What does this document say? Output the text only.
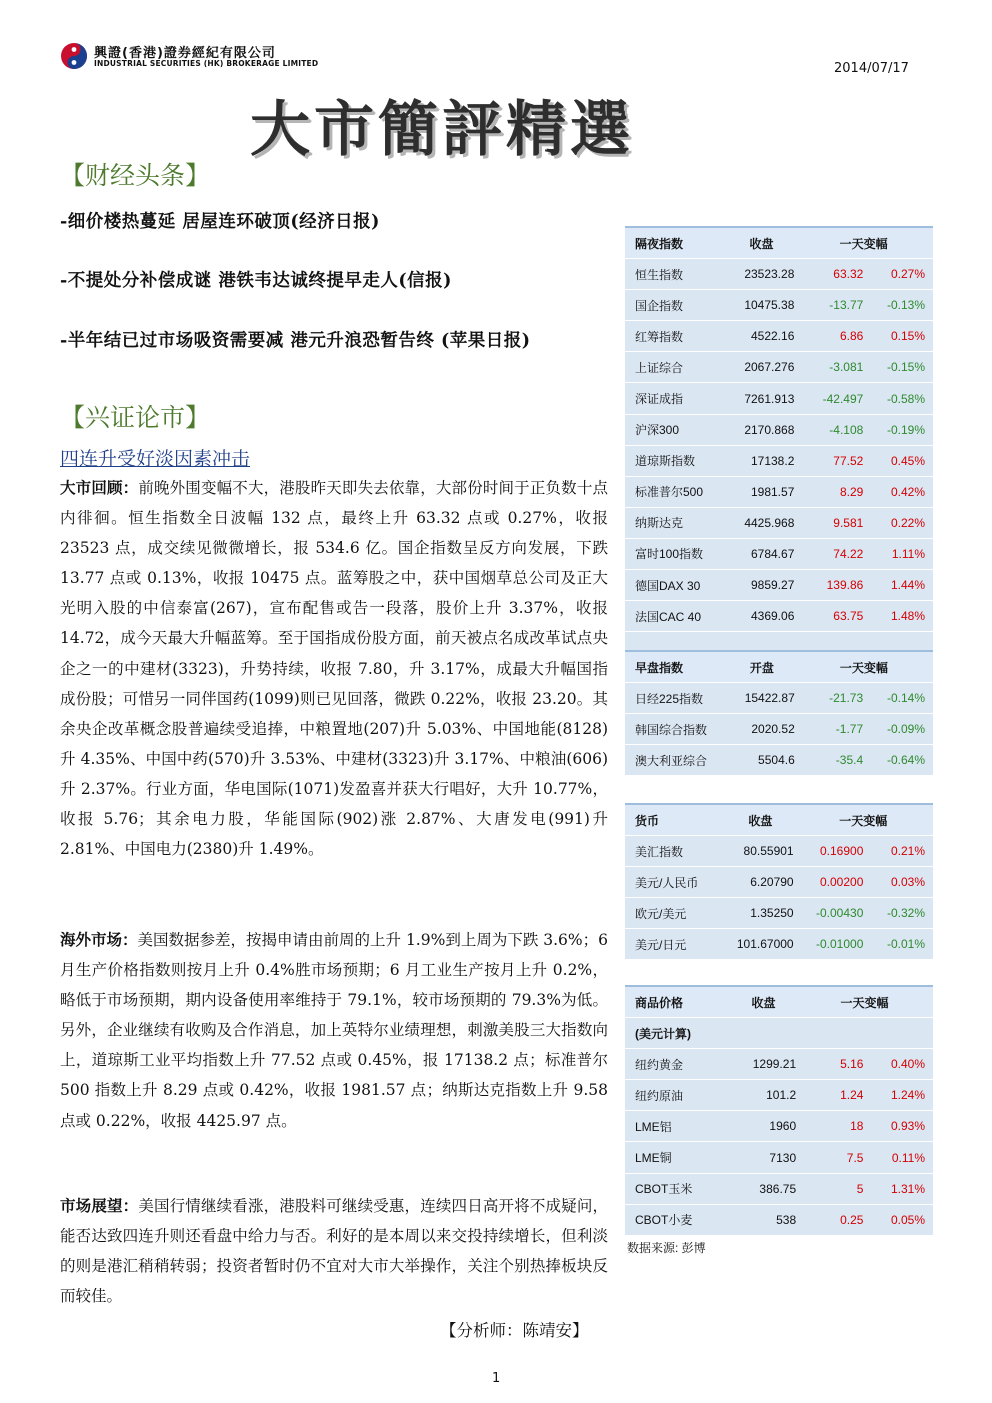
興證(香港)證券經紀有限公司
INDUSTRIAL SECURITIES (HK) BROKERAGE LIMITED	2014/07/17
大市簡評精選
【财经头条】
-细价楼热蔓延 居屋连环破顶(经济日报)
-不提处分补偿成谜 港铁韦达诚终提早走人(信报)
-半年结已过市场吸资需要减 港元升浪恐暂告终 (苹果日报)
【兴证论市】
四连升受好淡因素冲击
大市回顾：前晚外围变幅不大，港股昨天即失去依靠，大部份时间于正负数十点内徘徊。恒生指数全日波幅 132 点，最终上升 63.32 点或 0.27%，收报 23523 点，成交续见微微增长，报 534.6 亿。国企指数呈反方向发展，下跌 13.77 点或 0.13%，收报 10475 点。蓝筹股之中，获中国烟草总公司及正大光明入股的中信泰富(267)，宣布配售或告一段落，股价上升 3.37%，收报 14.72，成今天最大升幅蓝筹。至于国指成份股方面，前天被点名成改革试点央企之一的中建材(3323)，升势持续，收报 7.80，升 3.17%，成最大升幅国指成份股；可惜另一同伴国药(1099)则已见回落，微跌 0.22%，收报 23.20。其余央企改革概念股普遍续受追捧，中粮置地(207)升 5.03%、中国地能(8128)升 4.35%、中国中药(570)升 3.53%、中建材(3323)升 3.17%、中粮油(606)升 2.37%。行业方面，华电国际(1071)发盈喜并获大行唱好，大升 10.77%，收报 5.76；其余电力股，华能国际(902)涨 2.87%、大唐发电(991)升 2.81%、中国电力(2380)升 1.49%。
海外市场：美国数据参差，按揭申请由前周的上升 1.9%到上周为下跌 3.6%；6 月生产价格指数则按月上升 0.4%胜市场预期；6 月工业生产按月上升 0.2%，略低于市场预期，期内设备使用率维持于 79.1%，较市场预期的 79.3%为低。另外，企业继续有收购及合作消息，加上英特尔业绩理想，刺激美股三大指数向上，道琼斯工业平均指数上升 77.52 点或 0.45%，报 17138.2 点；标准普尔 500 指数上升 8.29 点或 0.42%，收报 1981.57 点；纳斯达克指数上升 9.58 点或 0.22%，收报 4425.97 点。
市场展望：美国行情继续看涨，港股料可继续受惠，连续四日高开将不成疑问，能否达致四连升则还看盘中给力与否。利好的是本周以来交投持续增长，但利淡的则是港汇稍稍转弱；投资者暂时仍不宜对大市大举操作，关注个别热捧板块反而较佳。
【分析师：陈靖安】
隔夜指数	收盘	一天变幅	
恒生指数	23523.28	63.32	0.27%
国企指数	10475.38	-13.77	-0.13%
红筹指数	4522.16	6.86	0.15%
上证综合	2067.276	-3.081	-0.15%
深证成指	7261.913	-42.497	-0.58%
沪深300	2170.868	-4.108	-0.19%
道琼斯指数	17138.2	77.52	0.45%
标准普尔500	1981.57	8.29	0.42%
纳斯达克	4425.968	9.581	0.22%
富时100指数	6784.67	74.22	1.11%
德国DAX 30	9859.27	139.86	1.44%
法国CAC 40	4369.06	63.75	1.48%

早盘指数	开盘	一天变幅	
日经225指数	15422.87	-21.73	-0.14%
韩国综合指数	2020.52	-1.77	-0.09%
澳大利亚综合	5504.6	-35.4	-0.64%
货币	收盘	一天变幅	
美汇指数	80.55901	0.16900	0.21%
美元/人民币	6.20790	0.00200	0.03%
欧元/美元	1.35250	-0.00430	-0.32%
美元/日元	101.67000	-0.01000	-0.01%
商品价格	收盘	一天变幅	
(美元计算)			
纽约黄金	1299.21	5.16	0.40%
纽约原油	101.2	1.24	1.24%
LME铝	1960	18	0.93%
LME铜	7130	7.5	0.11%
CBOT玉米	386.75	5	1.31%
CBOT小麦	538	0.25	0.05%
数据来源: 彭博
1
